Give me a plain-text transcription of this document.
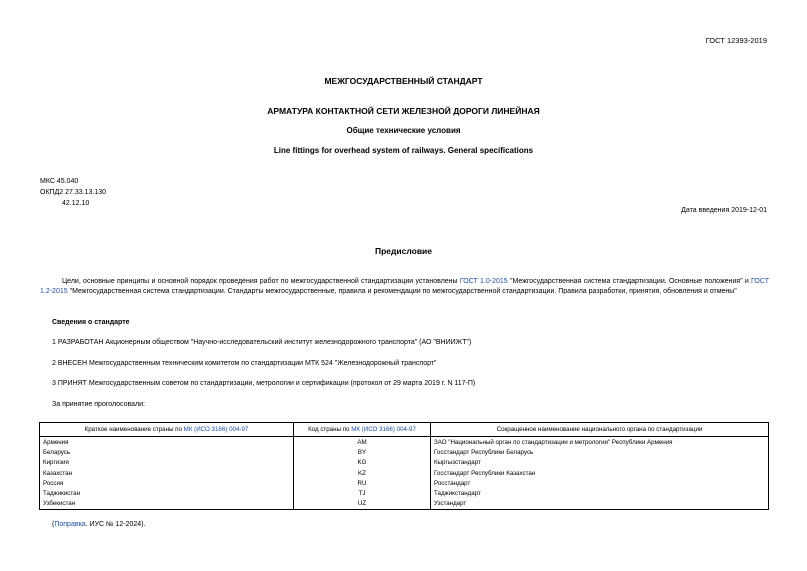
ГОСТ 12393-2019
МЕЖГОСУДАРСТВЕННЫЙ СТАНДАРТ
АРМАТУРА КОНТАКТНОЙ СЕТИ ЖЕЛЕЗНОЙ ДОРОГИ ЛИНЕЙНАЯ
Общие технические условия
Line fittings for overhead system of railways. General specifications
МКС 45.040
ОКПД2 27.33.13.130
42.12.10
Дата введения 2019-12-01
Предисловие
Цели, основные принципы и основной порядок проведения работ по межгосударственной стандартизации установлены ГОСТ 1.0-2015 "Межгосударственная система стандартизации. Основные положения" и ГОСТ 1.2-2015 "Межгосударственная система стандартизации. Стандарты межгосударственные, правила и рекомендации по межгосударственной стандартизации. Правила разработки, принятия, обновления и отмены"
Сведения о стандарте
1 РАЗРАБОТАН Акционерным обществом "Научно-исследовательский институт железнодорожного транспорта" (АО "ВНИИЖТ")
2 ВНЕСЕН Межгосударственным техническим комитетом по стандартизации МТК 524 "Железнодорожный транспорт"
3 ПРИНЯТ Межгосударственным советом по стандартизации, метрологии и сертификации (протокол от 29 марта 2019 г. N 117-П)
За принятие проголосовали:
Краткое наименование страны по МК (ИСО 3166) 004-97	Код страны по МК (ИСО 3166) 004-97	Сокращенное наименование национального органа по стандартизации
Армения	AM	ЗАО "Национальный орган по стандартизации и метрологии" Республики Армения
Беларусь	BY	Госстандарт Республики Беларусь
Киргизия	KG	Кыргызстандарт
Казахстан	KZ	Госстандарт Республики Казахстан
Россия	RU	Росстандарт
Таджикистан	TJ	Таджикстандарт
Узбекистан	UZ	Узстандарт
(Поправка. ИУС № 12-2024).
